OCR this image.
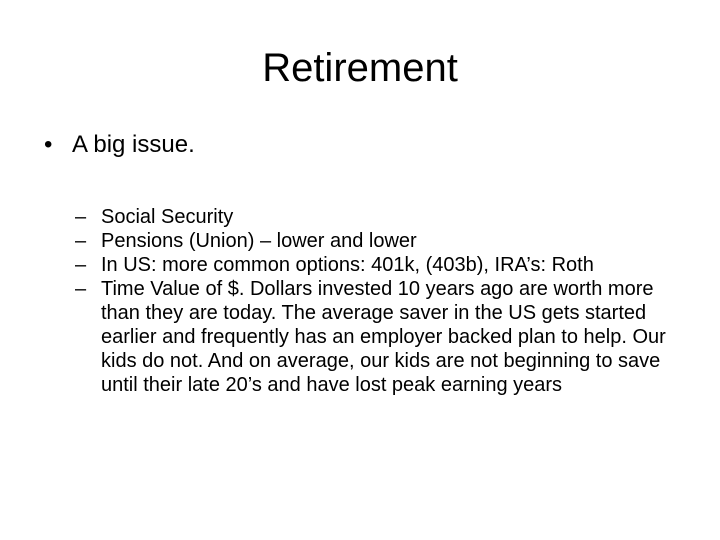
Retirement
• A big issue.
– Social Security
– Pensions (Union) – lower and lower
– In US: more common options: 401k, (403b), IRA’s: Roth
– Time Value of $. Dollars invested 10 years ago are worth more than they are today. The average saver in the US gets started earlier and frequently has an employer backed plan to help. Our kids do not. And on average, our kids are not beginning to save until their late 20’s and have lost peak earning years
